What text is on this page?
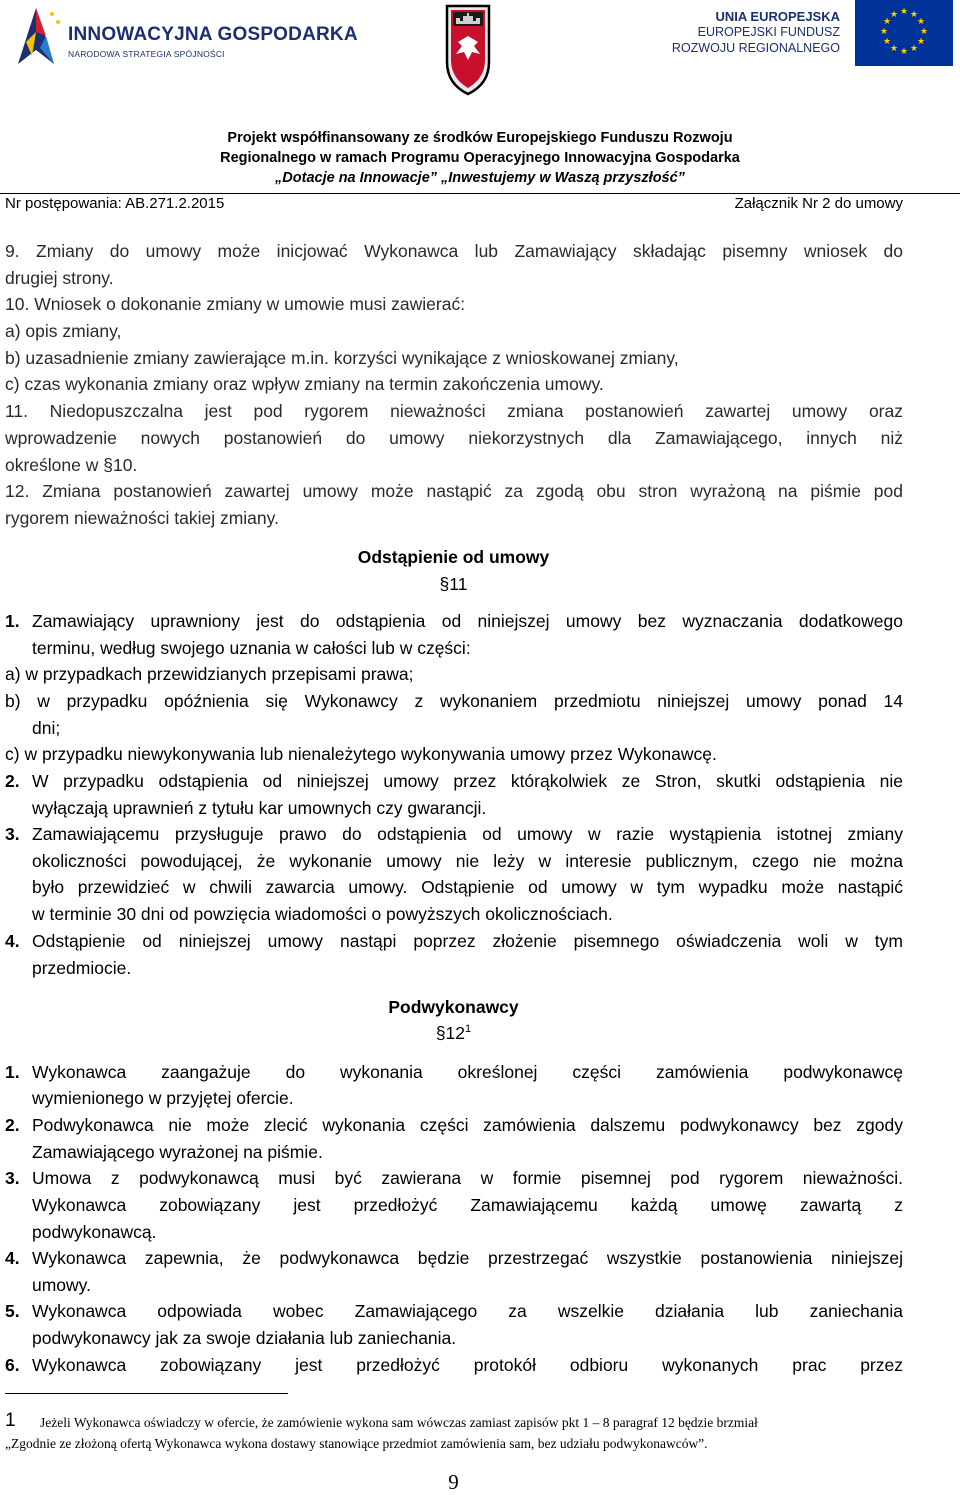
INNOWACYJNA GOSPODARKA
NARODOWA STRATEGIA SPÓJNOŚCI
UNIA EUROPEJSKA
EUROPEJSKI FUNDUSZ
ROZWOJU REGIONALNEGO
★ ★
★
★
★
★
★
★
★
★
★
★
Projekt współfinansowany ze środków Europejskiego Funduszu Rozwoju
Regionalnego w ramach Programu Operacyjnego Innowacyjna Gospodarka
„Dotacje na Innowacje” „Inwestujemy w Waszą przyszłość”
Nr postępowania: AB.271.2.2015	Załącznik Nr 2 do umowy
9. Zmiany do umowy może inicjować Wykonawca lub Zamawiający składając pisemny wniosek do
drugiej strony.
10. Wniosek o dokonanie zmiany w umowie musi zawierać:
a) opis zmiany,
b) uzasadnienie zmiany zawierające m.in. korzyści wynikające z wnioskowanej zmiany,
c) czas wykonania zmiany oraz wpływ zmiany na termin zakończenia umowy.
11. Niedopuszczalna jest pod rygorem nieważności zmiana postanowień zawartej umowy oraz
wprowadzenie nowych postanowień do umowy niekorzystnych dla Zamawiającego, innych niż
określone w §10.
12. Zmiana postanowień zawartej umowy może nastąpić za zgodą obu stron wyrażoną na piśmie pod
rygorem nieważności takiej zmiany.
Odstąpienie od umowy
§11
1. Zamawiający uprawniony jest do odstąpienia od niniejszej umowy bez wyznaczania dodatkowego
terminu, według swojego uznania w całości lub w części:
a) w przypadkach przewidzianych przepisami prawa;
b) w przypadku opóźnienia się Wykonawcy z wykonaniem przedmiotu niniejszej umowy ponad 14
dni;
c) w przypadku niewykonywania lub nienależytego wykonywania umowy przez Wykonawcę.
2. W przypadku odstąpienia od niniejszej umowy przez którąkolwiek ze Stron, skutki odstąpienia nie
wyłączają uprawnień z tytułu kar umownych czy gwarancji.
3. Zamawiającemu przysługuje prawo do odstąpienia od umowy w razie wystąpienia istotnej zmiany
okoliczności powodującej, że wykonanie umowy nie leży w interesie publicznym, czego nie można
było przewidzieć w chwili zawarcia umowy. Odstąpienie od umowy w tym wypadku może nastąpić
w terminie 30 dni od powzięcia wiadomości o powyższych okolicznościach.
4. Odstąpienie od niniejszej umowy nastąpi poprzez złożenie pisemnego oświadczenia woli w tym
przedmiocie.
Podwykonawcy
$\S 12^1$
1. Wykonawca zaangażuje do wykonania określonej części zamówienia podwykonawcę
wymienionego w przyjętej ofercie.
2. Podwykonawca nie może zlecić wykonania części zamówienia dalszemu podwykonawcy bez zgody
Zamawiającego wyrażonej na piśmie.
3. Umowa z podwykonawcą musi być zawierana w formie pisemnej pod rygorem nieważności.
Wykonawca zobowiązany jest przedłożyć Zamawiającemu każdą umowę zawartą z
podwykonawcą.
4. Wykonawca zapewnia, że podwykonawca będzie przestrzegać wszystkie postanowienia niniejszej
umowy.
5. Wykonawca odpowiada wobec Zamawiającego za wszelkie działania lub zaniechania
podwykonawcy jak za swoje działania lub zaniechania.
6. Wykonawca zobowiązany jest przedłożyć protokół odbioru wykonanych prac przez
1 Jeżeli Wykonawca oświadczy w ofercie, że zamówienie wykona sam wówczas zamiast zapisów pkt 1 – 8 paragraf 12 będzie brzmiał
„Zgodnie ze złożoną ofertą Wykonawca wykona dostawy stanowiące przedmiot zamówienia sam, bez udziału podwykonawców”.
9
